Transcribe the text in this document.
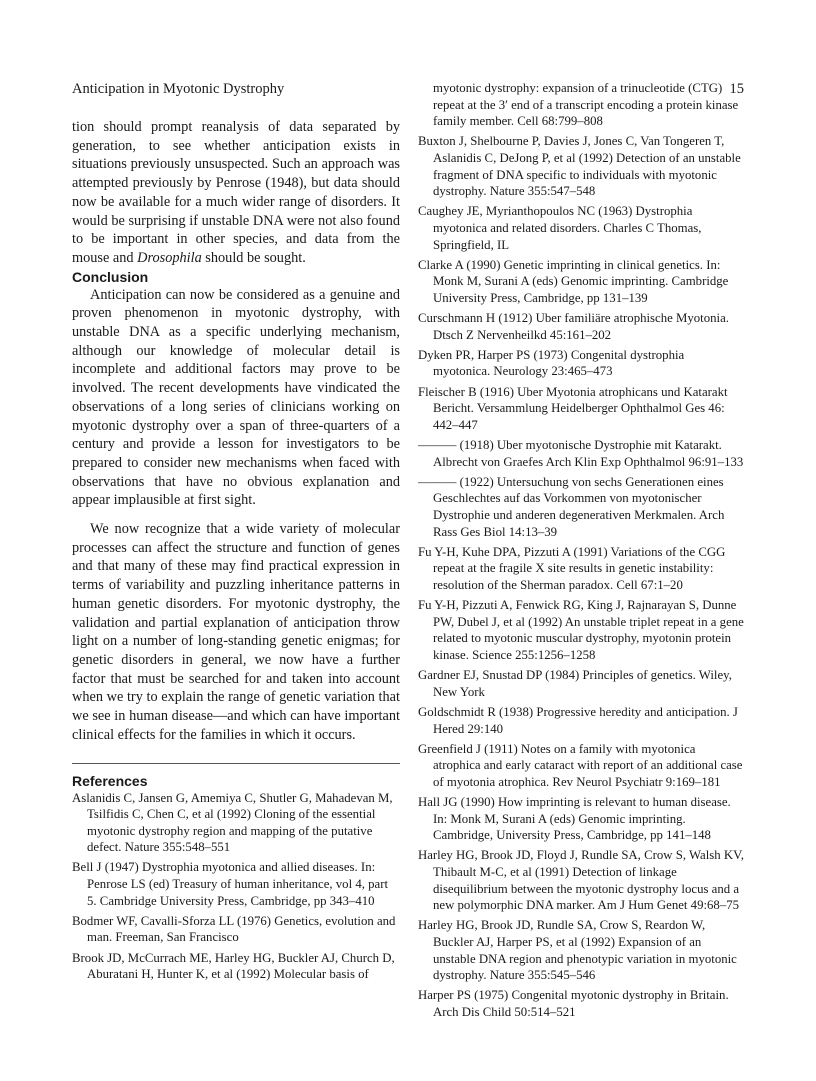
Anticipation in Myotonic Dystrophy	15

tion should prompt reanalysis of data separated by generation, to see whether anticipation exists in situations previously unsuspected. Such an approach was attempted previously by Penrose (1948), but data should now be available for a much wider range of disorders. It would be surprising if unstable DNA were not also found to be important in other species, and data from the mouse and Drosophila should be sought.

Conclusion

Anticipation can now be considered as a genuine and proven phenomenon in myotonic dystrophy, with unstable DNA as a specific underlying mechanism, although our knowledge of molecular detail is incomplete and additional factors may prove to be involved. The recent developments have vindicated the observations of a long series of clinicians working on myotonic dystrophy over a span of three-quarters of a century and provide a lesson for investigators to be prepared to consider new mechanisms when faced with observations that have no obvious explanation and appear implausible at first sight.

We now recognize that a wide variety of molecular processes can affect the structure and function of genes and that many of these may find practical expression in terms of variability and puzzling inheritance patterns in human genetic disorders. For myotonic dystrophy, the validation and partial explanation of anticipation throw light on a number of long-standing genetic enigmas; for genetic disorders in general, we now have a further factor that must be searched for and taken into account when we try to explain the range of genetic variation that we see in human disease—and which can have important clinical effects for the families in which it occurs.

References

Aslanidis C, Jansen G, Amemiya C, Shutler G, Mahadevan M, Tsilfidis C, Chen C, et al (1992) Cloning of the essential myotonic dystrophy region and mapping of the putative defect. Nature 355:548–551

Bell J (1947) Dystrophia myotonica and allied diseases. In: Penrose LS (ed) Treasury of human inheritance, vol 4, part 5. Cambridge University Press, Cambridge, pp 343–410

Bodmer WF, Cavalli-Sforza LL (1976) Genetics, evolution and man. Freeman, San Francisco

Brook JD, McCurrach ME, Harley HG, Buckler AJ, Church D, Aburatani H, Hunter K, et al (1992) Molecular basis of

myotonic dystrophy: expansion of a trinucleotide (CTG) repeat at the 3′ end of a transcript encoding a protein kinase family member. Cell 68:799–808

Buxton J, Shelbourne P, Davies J, Jones C, Van Tongeren T, Aslanidis C, DeJong P, et al (1992) Detection of an unstable fragment of DNA specific to individuals with myotonic dystrophy. Nature 355:547–548

Caughey JE, Myrianthopoulos NC (1963) Dystrophia myotonica and related disorders. Charles C Thomas, Springfield, IL

Clarke A (1990) Genetic imprinting in clinical genetics. In: Monk M, Surani A (eds) Genomic imprinting. Cambridge University Press, Cambridge, pp 131–139

Curschmann H (1912) Uber familiäre atrophische Myotonia. Dtsch Z Nervenheilkd 45:161–202

Dyken PR, Harper PS (1973) Congenital dystrophia myotonica. Neurology 23:465–473

Fleischer B (1916) Uber Myotonia atrophicans und Katarakt Bericht. Versammlung Heidelberger Ophthalmol Ges 46: 442–447

——— (1918) Uber myotonische Dystrophie mit Katarakt. Albrecht von Graefes Arch Klin Exp Ophthalmol 96:91–133

——— (1922) Untersuchung von sechs Generationen eines Geschlechtes auf das Vorkommen von myotonischer Dystrophie und anderen degenerativen Merkmalen. Arch Rass Ges Biol 14:13–39

Fu Y-H, Kuhe DPA, Pizzuti A (1991) Variations of the CGG repeat at the fragile X site results in genetic instability: resolution of the Sherman paradox. Cell 67:1–20

Fu Y-H, Pizzuti A, Fenwick RG, King J, Rajnarayan S, Dunne PW, Dubel J, et al (1992) An unstable triplet repeat in a gene related to myotonic muscular dystrophy, myotonin protein kinase. Science 255:1256–1258

Gardner EJ, Snustad DP (1984) Principles of genetics. Wiley, New York

Goldschmidt R (1938) Progressive heredity and anticipation. J Hered 29:140

Greenfield J (1911) Notes on a family with myotonica atrophica and early cataract with report of an additional case of myotonia atrophica. Rev Neurol Psychiatr 9:169–181

Hall JG (1990) How imprinting is relevant to human disease. In: Monk M, Surani A (eds) Genomic imprinting. Cambridge, University Press, Cambridge, pp 141–148

Harley HG, Brook JD, Floyd J, Rundle SA, Crow S, Walsh KV, Thibault M-C, et al (1991) Detection of linkage disequilibrium between the myotonic dystrophy locus and a new polymorphic DNA marker. Am J Hum Genet 49:68–75

Harley HG, Brook JD, Rundle SA, Crow S, Reardon W, Buckler AJ, Harper PS, et al (1992) Expansion of an unstable DNA region and phenotypic variation in myotonic dystrophy. Nature 355:545–546

Harper PS (1975) Congenital myotonic dystrophy in Britain. Arch Dis Child 50:514–521
